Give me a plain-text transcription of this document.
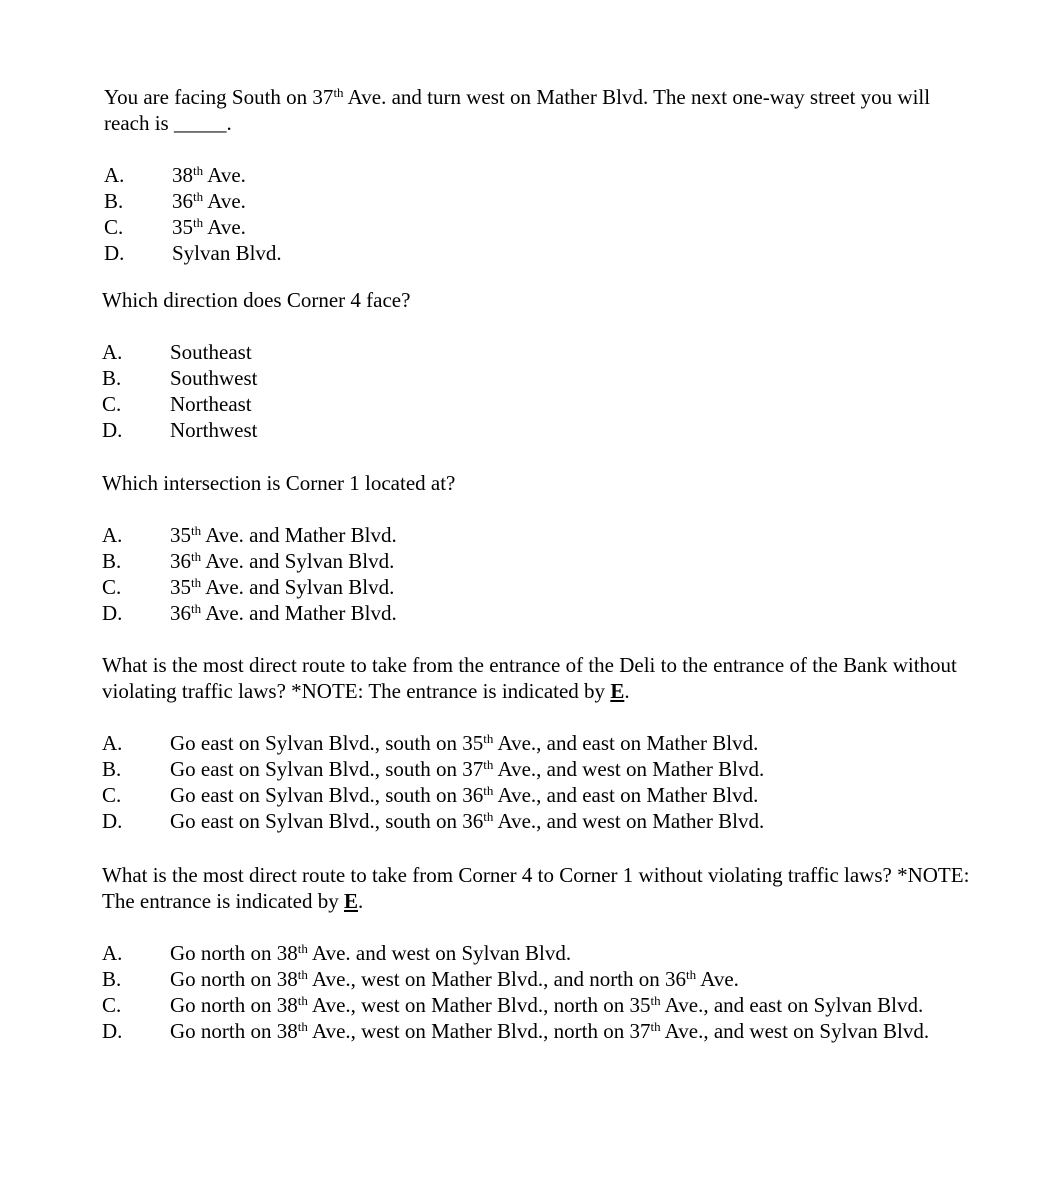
You are facing South on 37th Ave. and turn west on Mather Blvd. The next one-way street you will reach is _____.

A.	38th Ave.
B.	36th Ave.
C.	35th Ave.
D.	Sylvan Blvd.

Which direction does Corner 4 face?

A.	Southeast
B.	Southwest
C.	Northeast
D.	Northwest

Which intersection is Corner 1 located at?

A.	35th Ave. and Mather Blvd.
B.	36th Ave. and Sylvan Blvd.
C.	35th Ave. and Sylvan Blvd.
D.	36th Ave. and Mather Blvd.

What is the most direct route to take from the entrance of the Deli to the entrance of the Bank without violating traffic laws? *NOTE: The entrance is indicated by E.

A.	Go east on Sylvan Blvd., south on 35th Ave., and east on Mather Blvd.
B.	Go east on Sylvan Blvd., south on 37th Ave., and west on Mather Blvd.
C.	Go east on Sylvan Blvd., south on 36th Ave., and east on Mather Blvd.
D.	Go east on Sylvan Blvd., south on 36th Ave., and west on Mather Blvd.

What is the most direct route to take from Corner 4 to Corner 1 without violating traffic laws? *NOTE: The entrance is indicated by E.

A.	Go north on 38th Ave. and west on Sylvan Blvd.
B.	Go north on 38th Ave., west on Mather Blvd., and north on 36th Ave.
C.	Go north on 38th Ave., west on Mather Blvd., north on 35th Ave., and east on Sylvan Blvd.
D.	Go north on 38th Ave., west on Mather Blvd., north on 37th Ave., and west on Sylvan Blvd.
